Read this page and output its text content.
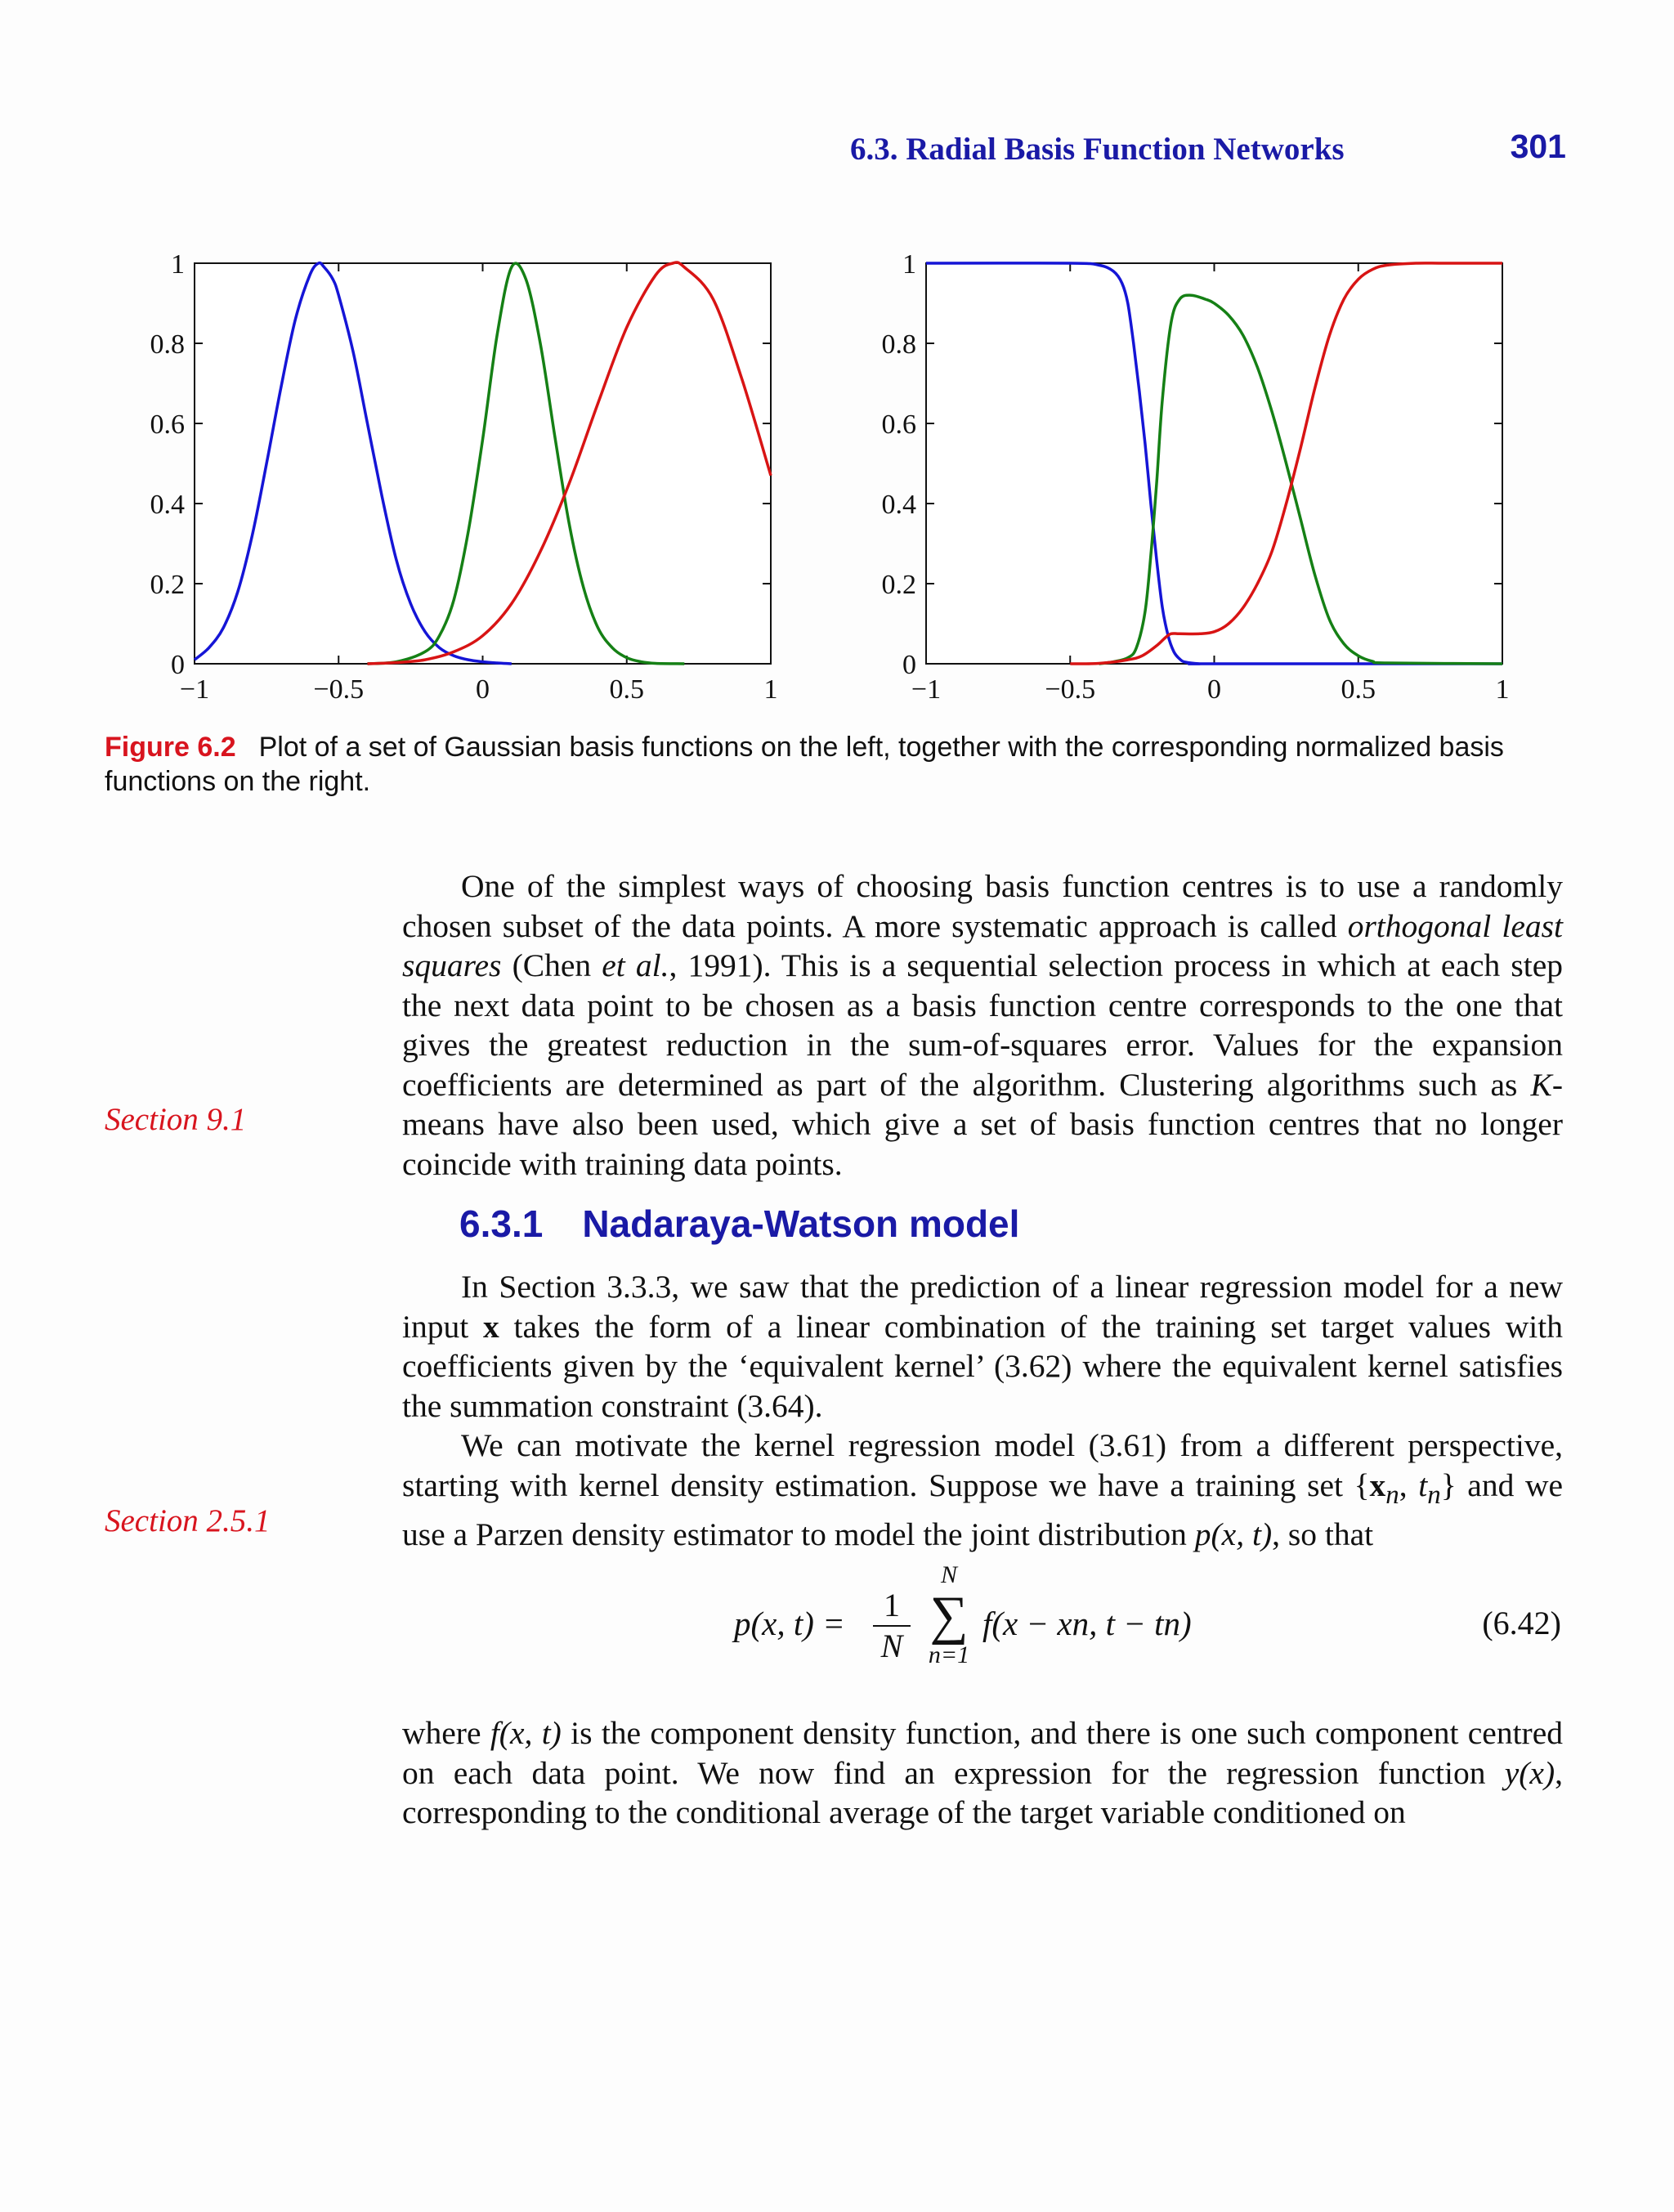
6.3. Radial Basis Function Networks	301
−1	−0.5	0	0.5	1
0
0.2
0.4
0.6
0.8
1
−1	−0.5	0	0.5	1
0
0.2
0.4
0.6
0.8
1
Figure 6.2 Plot of a set of Gaussian basis functions on the left, together with the corresponding normalized basis functions on the right.
Section 9.1
Section 2.5.1

One of the simplest ways of choosing basis function centres is to use a randomly chosen subset of the data points. A more systematic approach is called orthogonal least squares (Chen et al., 1991). This is a sequential selection process in which at each step the next data point to be chosen as a basis function centre corresponds to the one that gives the greatest reduction in the sum-of-squares error. Values for the expansion coefficients are determined as part of the algorithm. Clustering algorithms such as K-means have also been used, which give a set of basis function centres that no longer coincide with training data points.

6.3.1 Nadaraya-Watson model

In Section 3.3.3, we saw that the prediction of a linear regression model for a new input x takes the form of a linear combination of the training set target values with coefficients given by the ‘equivalent kernel’ (3.62) where the equivalent kernel satisfies the summation constraint (3.64).

We can motivate the kernel regression model (3.61) from a different perspective, starting with kernel density estimation. Suppose we have a training set {$x_n$, $t_n$} and we use a Parzen density estimator to model the joint distribution p(x, t), so that

p(x, t) =	1
N
N
∑
n=1
f(x − xn, t − tn)	(6.42)

where f(x, t) is the component density function, and there is one such component centred on each data point. We now find an expression for the regression function y(x), corresponding to the conditional average of the target variable conditioned on
